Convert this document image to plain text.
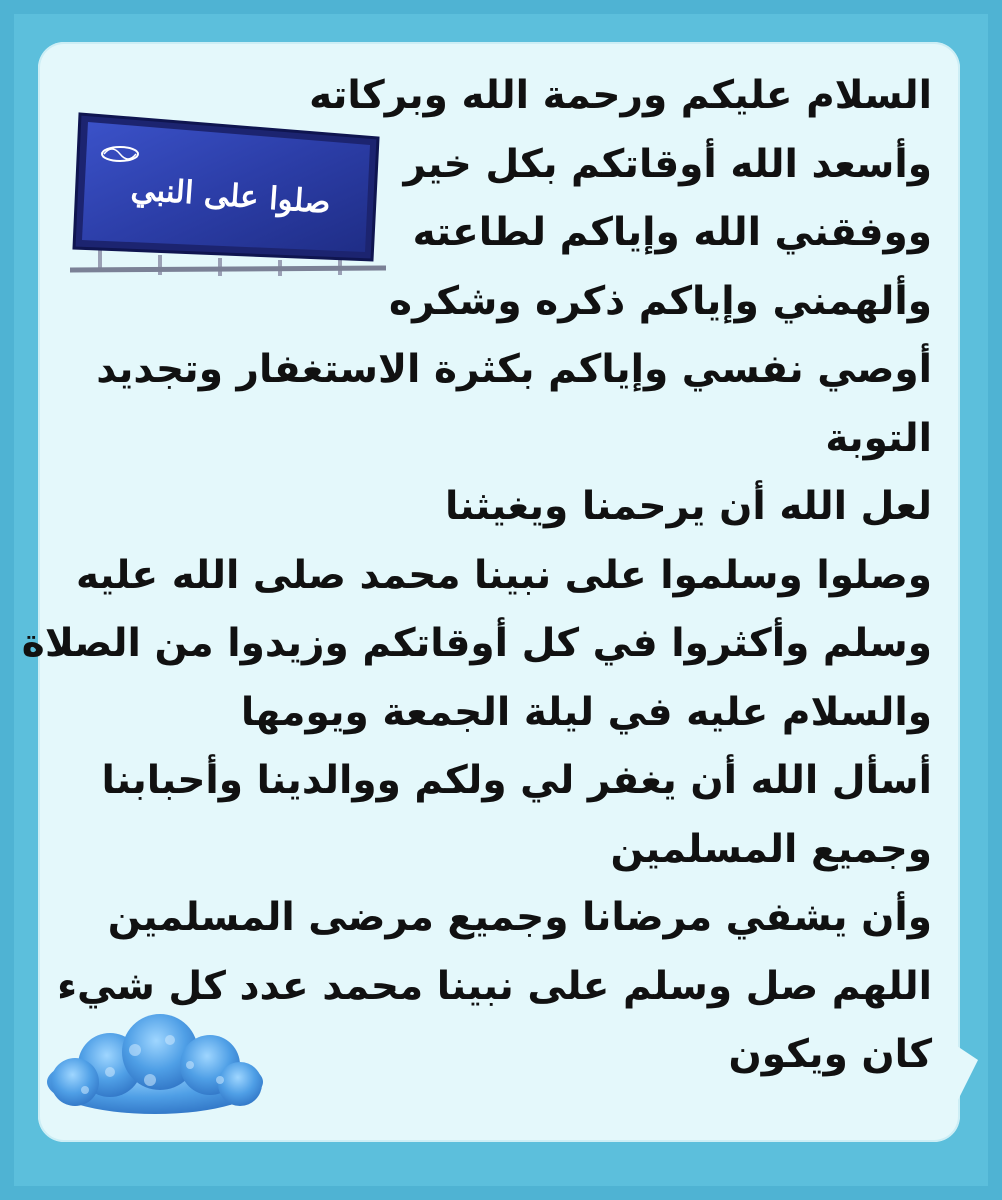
صلوا على النبي
السلام عليكم ورحمة الله وبركاته
وأسعد الله أوقاتكم بكل خير
ووفقني الله وإياكم لطاعته
وألهمني وإياكم ذكره وشكره
أوصي نفسي وإياكم بكثرة الاستغفار وتجديد
التوبة
لعل الله أن يرحمنا ويغيثنا
وصلوا وسلموا على نبينا محمد صلى الله عليه
وسلم وأكثروا في كل أوقاتكم وزيدوا من الصلاة
والسلام عليه في ليلة الجمعة ويومها
أسأل الله أن يغفر لي ولكم ووالدينا وأحبابنا
وجميع المسلمين
وأن يشفي مرضانا وجميع مرضى المسلمين
اللهم صل وسلم على نبينا محمد عدد كل شيء
كان ويكون
